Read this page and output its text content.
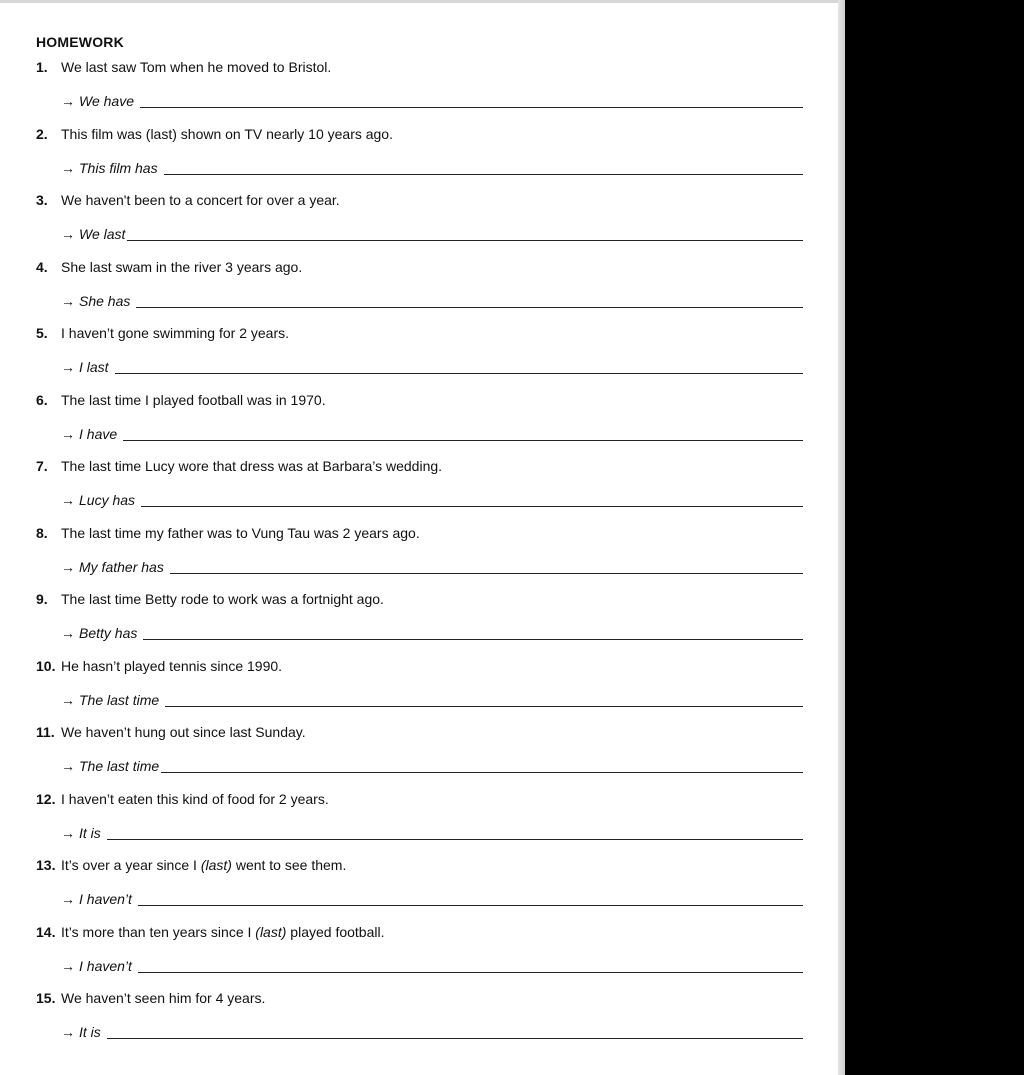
HOMEWORK
1. We last saw Tom when he moved to Bristol.
→ We have
2. This film was (last) shown on TV nearly 10 years ago.
→ This film has
3. We haven't been to a concert for over a year.
→ We last
4. She last swam in the river 3 years ago.
→ She has
5. I haven’t gone swimming for 2 years.
→ I last
6. The last time I played football was in 1970.
→ I have
7. The last time Lucy wore that dress was at Barbara’s wedding.
→ Lucy has
8. The last time my father was to Vung Tau was 2 years ago.
→ My father has
9. The last time Betty rode to work was a fortnight ago.
→ Betty has
10. He hasn’t played tennis since 1990.
→ The last time
11. We haven’t hung out since last Sunday.
→ The last time
12. I haven’t eaten this kind of food for 2 years.
→ It is
13. It’s over a year since I (last) went to see them.
→ I haven’t
14. It’s more than ten years since I (last) played football.
→ I haven’t
15. We haven’t seen him for 4 years.
→ It is
